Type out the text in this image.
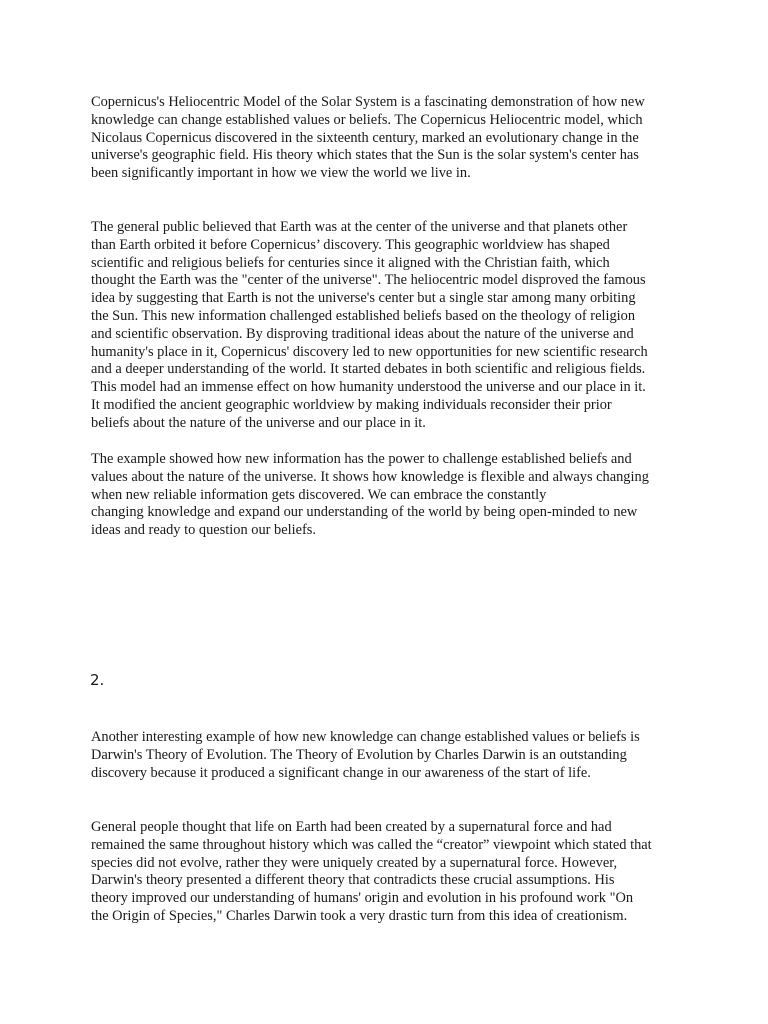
Copernicus's Heliocentric Model of the Solar System is a fascinating demonstration of how new
knowledge can change established values or beliefs. The Copernicus Heliocentric model, which
Nicolaus Copernicus discovered in the sixteenth century, marked an evolutionary change in the
universe's geographic field. His theory which states that the Sun is the solar system's center has
been significantly important in how we view the world we live in.

The general public believed that Earth was at the center of the universe and that planets other
than Earth orbited it before Copernicus’ discovery. This geographic worldview has shaped
scientific and religious beliefs for centuries since it aligned with the Christian faith, which
thought the Earth was the "center of the universe". The heliocentric model disproved the famous
idea by suggesting that Earth is not the universe's center but a single star among many orbiting
the Sun. This new information challenged established beliefs based on the theology of religion
and scientific observation. By disproving traditional ideas about the nature of the universe and
humanity's place in it, Copernicus' discovery led to new opportunities for new scientific research
and a deeper understanding of the world. It started debates in both scientific and religious fields.
This model had an immense effect on how humanity understood the universe and our place in it.
It modified the ancient geographic worldview by making individuals reconsider their prior
beliefs about the nature of the universe and our place in it.

The example showed how new information has the power to challenge established beliefs and
values about the nature of the universe. It shows how knowledge is flexible and always changing
when new reliable information gets discovered. We can embrace the constantly
changing knowledge and expand our understanding of the world by being open-minded to new
ideas and ready to question our beliefs.

2.

Another interesting example of how new knowledge can change established values or beliefs is
Darwin's Theory of Evolution. The Theory of Evolution by Charles Darwin is an outstanding
discovery because it produced a significant change in our awareness of the start of life.

General people thought that life on Earth had been created by a supernatural force and had
remained the same throughout history which was called the “creator” viewpoint which stated that
species did not evolve, rather they were uniquely created by a supernatural force. However,
Darwin's theory presented a different theory that contradicts these crucial assumptions. His
theory improved our understanding of humans' origin and evolution in his profound work "On
the Origin of Species," Charles Darwin took a very drastic turn from this idea of creationism.
